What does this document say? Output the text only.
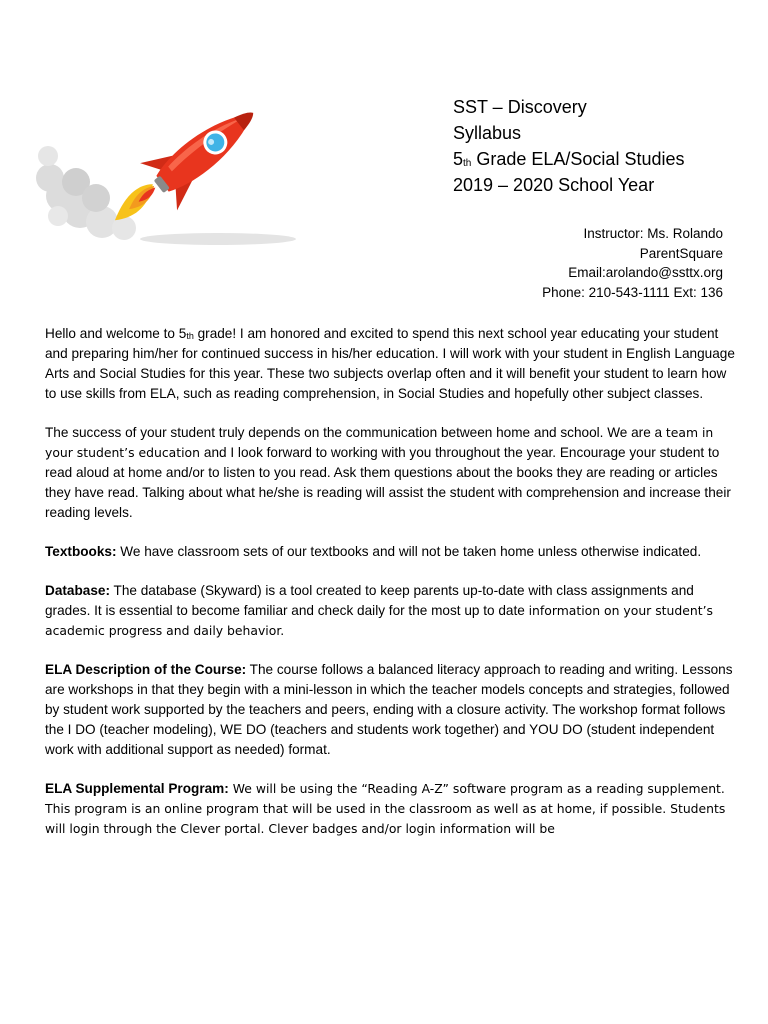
SST – Discovery
Syllabus
$5_{th}$ Grade ELA/Social Studies
2019 – 2020 School Year
Instructor: Ms. Rolando
ParentSquare
Email:arolando@ssttx.org
Phone: 210-543-1111 Ext: 136

Hello and welcome to $5_{th}$ grade! I am honored and excited to spend this next school year educating your student and preparing him/her for continued success in his/her education. I will work with your student in English Language Arts and Social Studies for this year. These two subjects overlap often and it will benefit your student to learn how to use skills from ELA, such as reading comprehension, in Social Studies and hopefully other subject classes.

The success of your student truly depends on the communication between home and school. We are a team in your student’s education and I look forward to working with you throughout the year. Encourage your student to read aloud at home and/or to listen to you read. Ask them questions about the books they are reading or articles they have read. Talking about what he/she is reading will assist the student with comprehension and increase their reading levels.

Textbooks: We have classroom sets of our textbooks and will not be taken home unless otherwise indicated.

Database: The database (Skyward) is a tool created to keep parents up-to-date with class assignments and grades. It is essential to become familiar and check daily for the most up to date information on your student’s academic progress and daily behavior.

ELA Description of the Course: The course follows a balanced literacy approach to reading and writing. Lessons are workshops in that they begin with a mini-lesson in which the teacher models concepts and strategies, followed by student work supported by the teachers and peers, ending with a closure activity. The workshop format follows the I DO (teacher modeling), WE DO (teachers and students work together) and YOU DO (student independent work with additional support as needed) format.

ELA Supplemental Program: We will be using the “Reading A-Z” software program as a reading supplement. This program is an online program that will be used in the classroom as well as at home, if possible. Students will login through the Clever portal. Clever badges and/or login information will be
